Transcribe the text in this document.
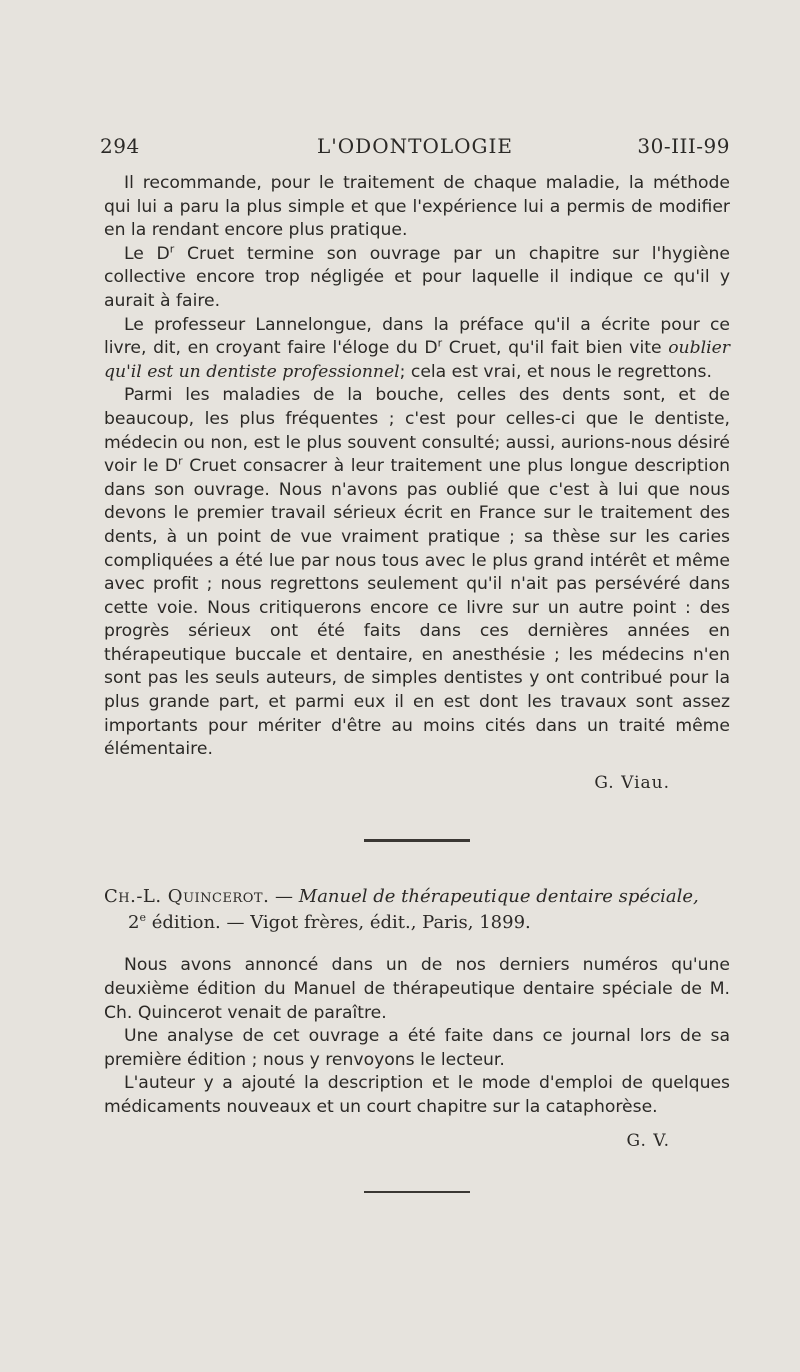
294	L'ODONTOLOGIE	30-III-99

Il recommande, pour le traitement de chaque maladie, la méthode qui lui a paru la plus simple et que l'expérience lui a permis de modifier en la rendant encore plus pratique.

Le $D^r$ Cruet termine son ouvrage par un chapitre sur l'hygiène collective encore trop négligée et pour laquelle il indique ce qu'il y aurait à faire.

Le professeur Lannelongue, dans la préface qu'il a écrite pour ce livre, dit, en croyant faire l'éloge du $D^r$ Cruet, qu'il fait bien vite oublier qu'il est un dentiste professionnel; cela est vrai, et nous le regrettons.

Parmi les maladies de la bouche, celles des dents sont, et de beaucoup, les plus fréquentes ; c'est pour celles-ci que le dentiste, médecin ou non, est le plus souvent consulté; aussi, aurions-nous désiré voir le $D^r$ Cruet consacrer à leur traitement une plus longue description dans son ouvrage. Nous n'avons pas oublié que c'est à lui que nous devons le premier travail sérieux écrit en France sur le traitement des dents, à un point de vue vraiment pratique ; sa thèse sur les caries compliquées a été lue par nous tous avec le plus grand intérêt et même avec profit ; nous regrettons seulement qu'il n'ait pas persévéré dans cette voie. Nous critiquerons encore ce livre sur un autre point : des progrès sérieux ont été faits dans ces dernières années en thérapeutique buccale et dentaire, en anesthésie ; les médecins n'en sont pas les seuls auteurs, de simples dentistes y ont contribué pour la plus grande part, et parmi eux il en est dont les travaux sont assez importants pour mériter d'être au moins cités dans un traité même élémentaire.

G. Viau.
Ch.-L. Quincerot. — Manuel de thérapeutique dentaire spéciale,
2e édition. — Vigot frères, édit., Paris, 1899.

Nous avons annoncé dans un de nos derniers numéros qu'une deuxième édition du Manuel de thérapeutique dentaire spéciale de M. Ch. Quincerot venait de paraître.

Une analyse de cet ouvrage a été faite dans ce journal lors de sa première édition ; nous y renvoyons le lecteur.

L'auteur y a ajouté la description et le mode d'emploi de quelques médicaments nouveaux et un court chapitre sur la cataphorèse.

G. V.
